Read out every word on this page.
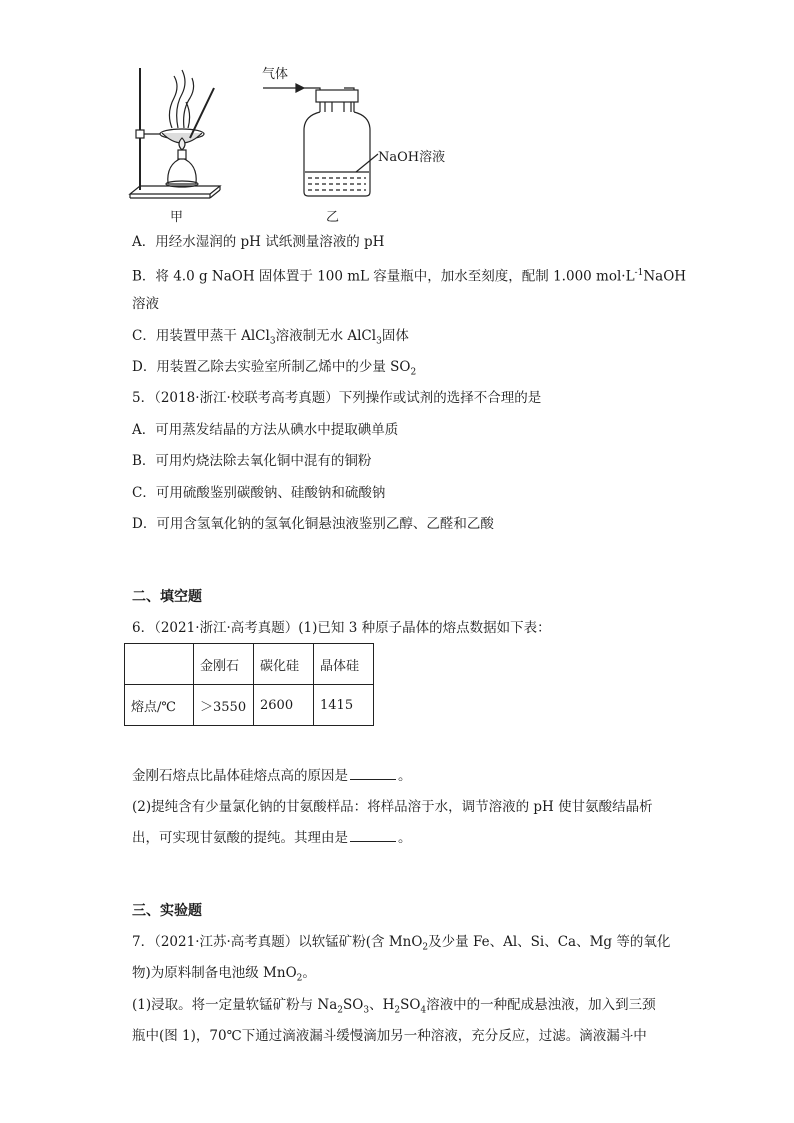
气体
NaOH溶液
甲	乙
A．用经水湿润的 pH 试纸测量溶液的 pH
B．将 4.0 g NaOH 固体置于 100 mL 容量瓶中，加水至刻度，配制 1.000 $mol\cdot L^{-1}NaOH$
溶液
C．用装置甲蒸干 AlCl$_3$溶液制无水 AlCl$_3$固体
D．用装置乙除去实验室所制乙烯中的少量 $SO_2$
5．（2018·浙江·校联考高考真题）下列操作或试剂的选择不合理的是
A．可用蒸发结晶的方法从碘水中提取碘单质
B．可用灼烧法除去氧化铜中混有的铜粉
C．可用硫酸鉴别碳酸钠、硅酸钠和硫酸钠
D．可用含氢氧化钠的氢氧化铜悬浊液鉴别乙醇、乙醛和乙酸
二、填空题
6．（2021·浙江·高考真题）(1)已知 3 种原子晶体的熔点数据如下表：
	金刚石	碳化硅	晶体硅
熔点/℃	＞3550	2600	1415
金刚石熔点比晶体硅熔点高的原因是	。
(2)提纯含有少量氯化钠的甘氨酸样品：将样品溶于水，调节溶液的 pH 使甘氨酸结晶析
出，可实现甘氨酸的提纯。其理由是	。
三、实验题
7．（2021·江苏·高考真题）以软锰矿粉(含 MnO$_2$及少量 Fe、Al、Si、Ca、Mg 等的氧化
物)为原料制备电池级 MnO$_2$。
(1)浸取。将一定量软锰矿粉与 $Na_2SO_3$、$H_2SO_4$溶液中的一种配成悬浊液，加入到三颈
瓶中(图 1)，70℃下通过滴液漏斗缓慢滴加另一种溶液，充分反应，过滤。滴液漏斗中
